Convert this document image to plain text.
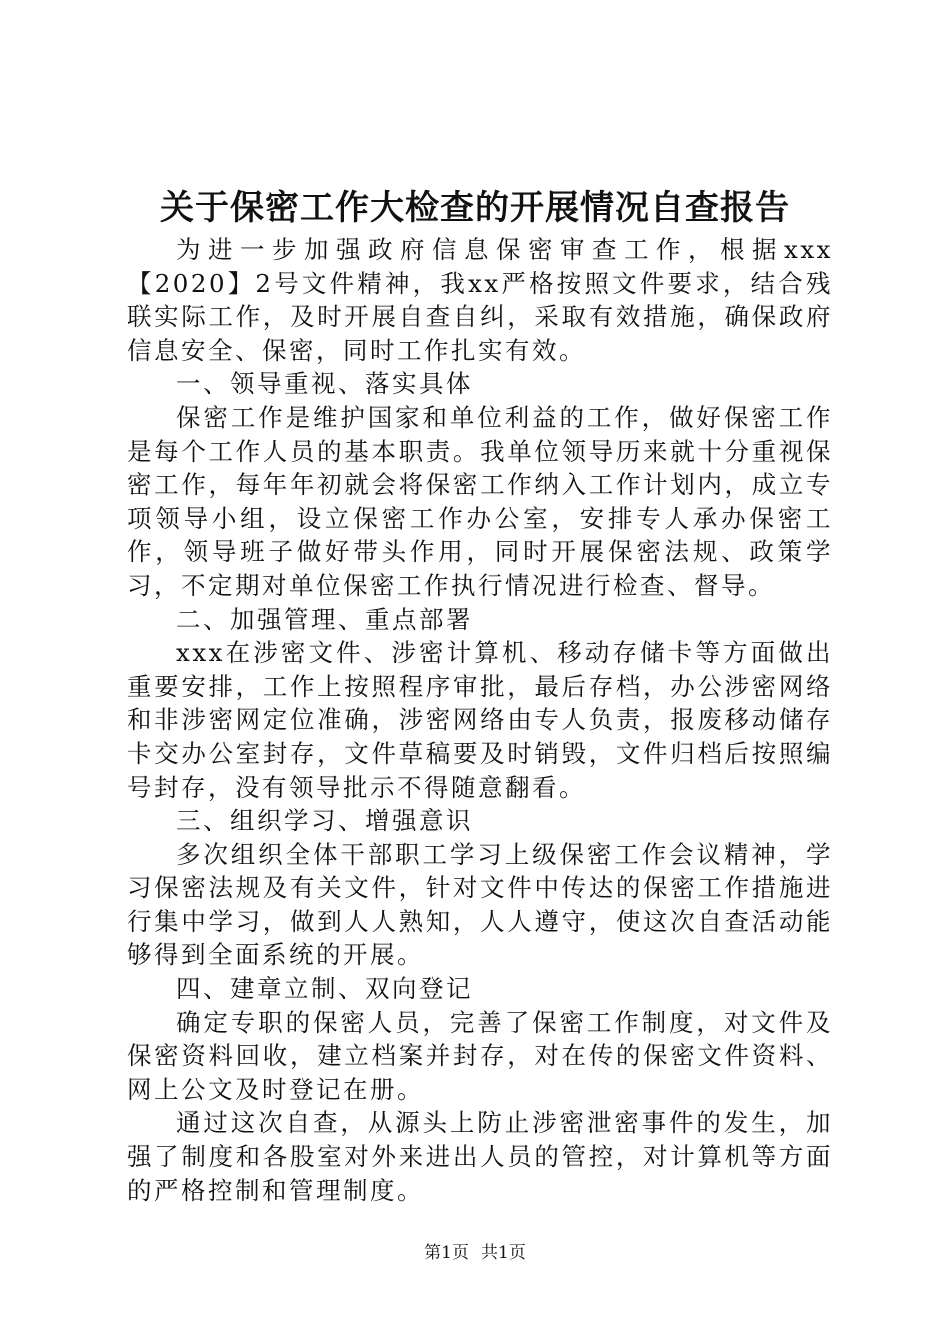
关于保密工作大检查的开展情况自查报告

为进一步加强政府信息保密审查工作，根据xxx【2020】2号文件精神，我xx严格按照文件要求，结合残联实际工作，及时开展自查自纠，采取有效措施，确保政府信息安全、保密，同时工作扎实有效。

一、领导重视、落实具体

保密工作是维护国家和单位利益的工作，做好保密工作是每个工作人员的基本职责。我单位领导历来就十分重视保密工作，每年年初就会将保密工作纳入工作计划内，成立专项领导小组，设立保密工作办公室，安排专人承办保密工作，领导班子做好带头作用，同时开展保密法规、政策学习，不定期对单位保密工作执行情况进行检查、督导。

二、加强管理、重点部署

xxx在涉密文件、涉密计算机、移动存储卡等方面做出重要安排，工作上按照程序审批，最后存档，办公涉密网络和非涉密网定位准确，涉密网络由专人负责，报废移动储存卡交办公室封存，文件草稿要及时销毁，文件归档后按照编号封存，没有领导批示不得随意翻看。

三、组织学习、增强意识

多次组织全体干部职工学习上级保密工作会议精神，学习保密法规及有关文件，针对文件中传达的保密工作措施进行集中学习，做到人人熟知，人人遵守，使这次自查活动能够得到全面系统的开展。

四、建章立制、双向登记

确定专职的保密人员，完善了保密工作制度，对文件及保密资料回收，建立档案并封存，对在传的保密文件资料、网上公文及时登记在册。

通过这次自查，从源头上防止涉密泄密事件的发生，加强了制度和各股室对外来进出人员的管控，对计算机等方面的严格控制和管理制度。

第1页 共1页
